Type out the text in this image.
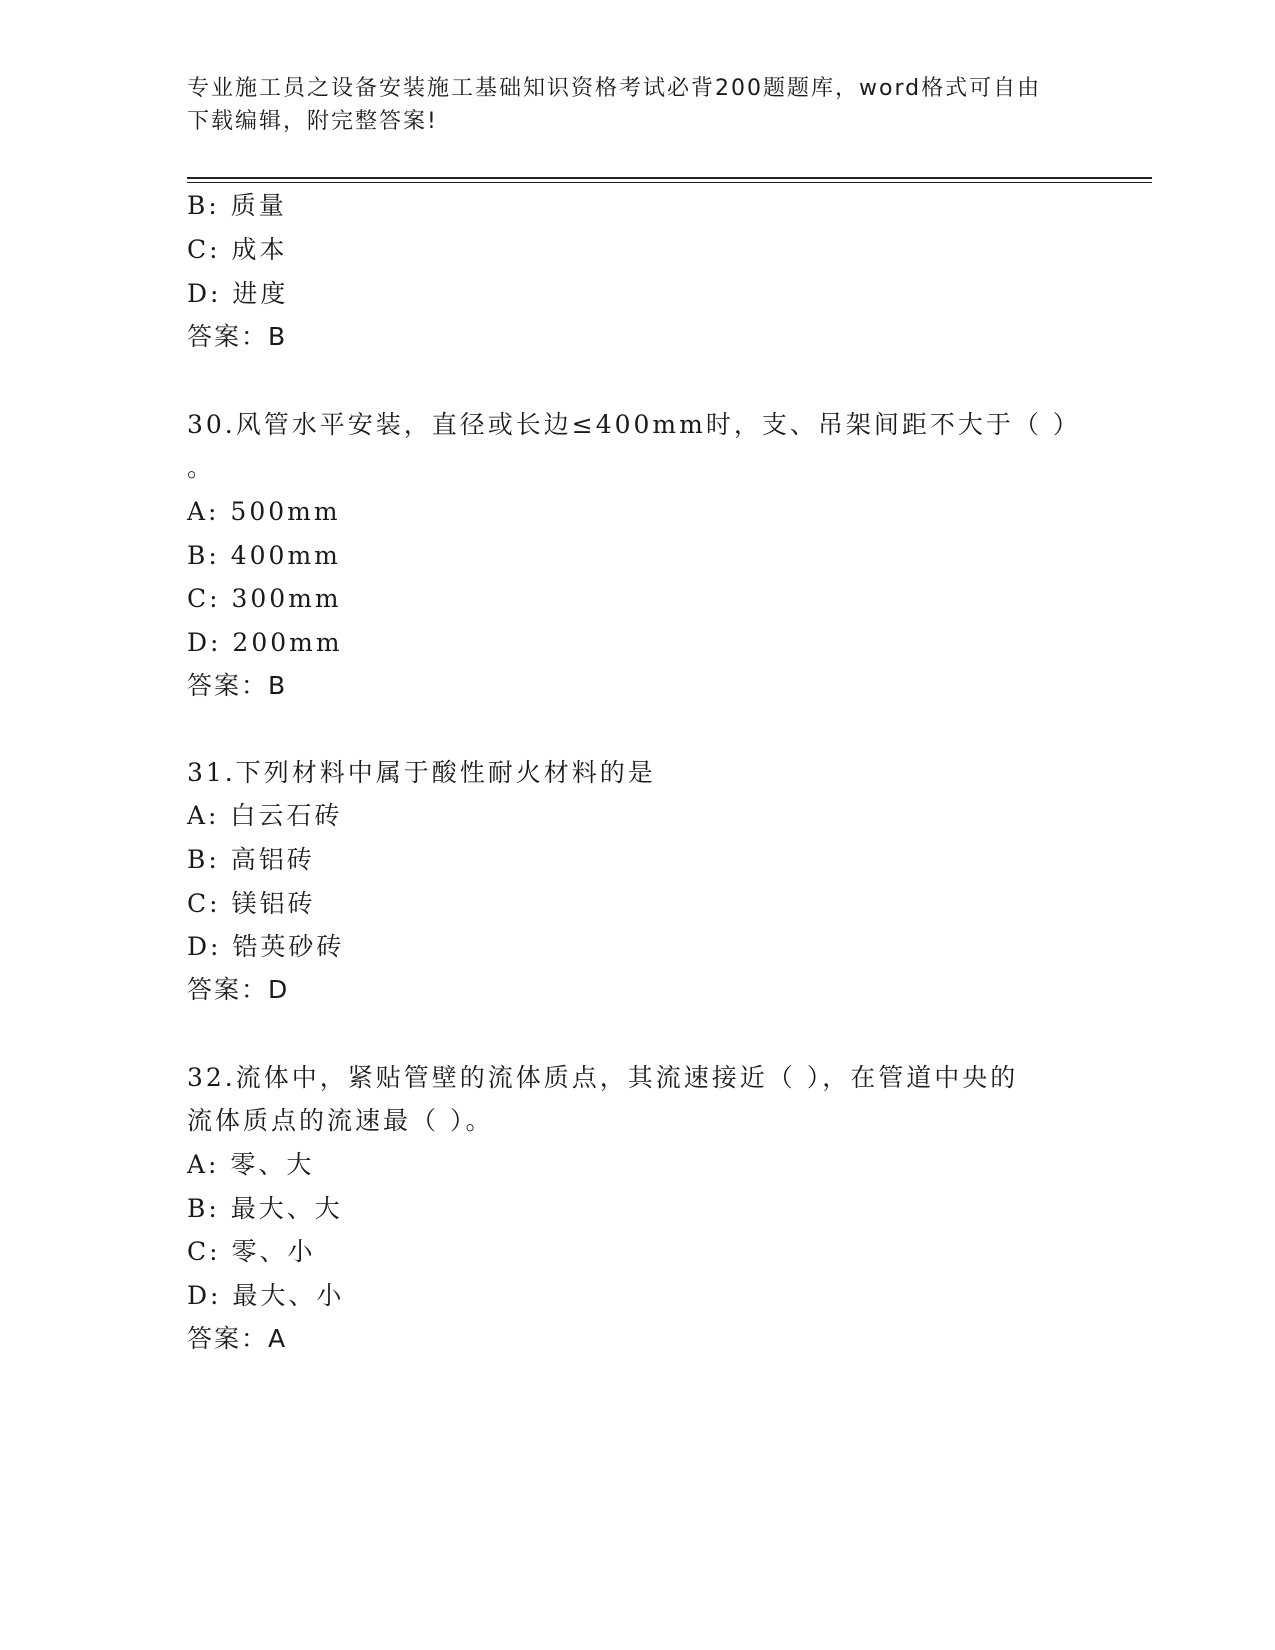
专业施工员之设备安装施工基础知识资格考试必背200题题库，word格式可自由
下载编辑，附完整答案!
B: 质量
C: 成本
D: 进度
答案：B
30.风管水平安装，直径或长边≤400mm时，支、吊架间距不大于（ ）
。
A: 500mm
B: 400mm
C: 300mm
D: 200mm
答案：B
31.下列材料中属于酸性耐火材料的是
A: 白云石砖
B: 高铝砖
C: 镁铝砖
D: 锆英砂砖
答案：D
32.流体中，紧贴管壁的流体质点，其流速接近（ ），在管道中央的
流体质点的流速最（ ）。
A: 零、大
B: 最大、大
C: 零、小
D: 最大、小
答案：A
